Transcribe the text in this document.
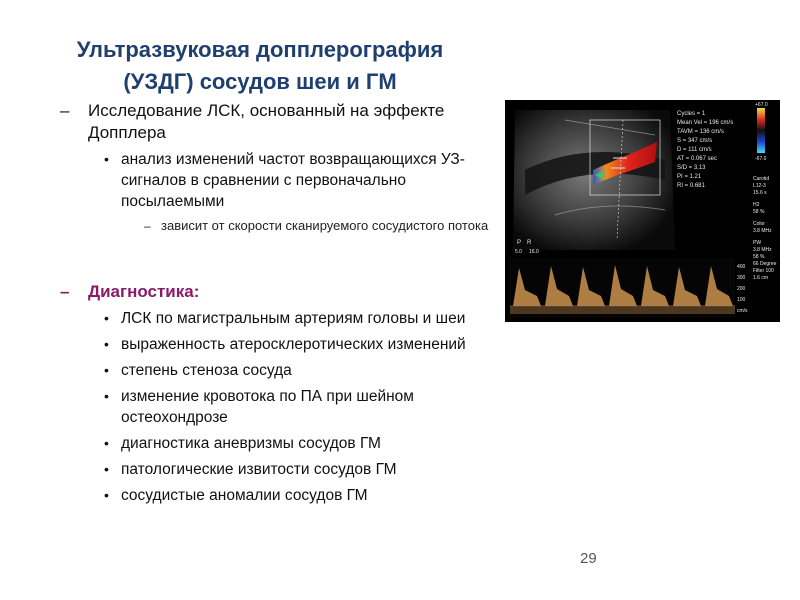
Ультразвуковая допплерография
(УЗДГ) сосудов шеи и ГМ
– Исследование ЛСК, основанный на эффекте Допплера
• анализ изменений частот возвращающихся УЗ-сигналов в сравнении с первоначально посылаемыми
– зависит от скорости сканируемого сосудистого потока
– Диагностика:
• ЛСК по магистральным артериям головы и шеи
• выраженность атеросклеротических изменений
• степень стеноза сосуда
• изменение кровотока по ПА при шейном остеохондрозе
• диагностика аневризмы сосудов ГМ
• патологические извитости сосудов ГМ
• сосудистые аномалии сосудов ГМ
Cycles = 1
Mean Vel = 196 cm/s
TAVM = 136 cm/s
S = 347 cm/s
D = 111 cm/s
AT = 0.067 sec
S/D = 3.13
PI = 1.21
RI = 0.681
+67.0
-67.0
Carotid
L12-3
15.6 s
H2
58 %
Color
3.8 MHz
PW
3.8 MHz
58 %
66 Degree
Filter 100
1.6 cm
P R
5.0 16.0
400
300
200
100
cm/s
29
